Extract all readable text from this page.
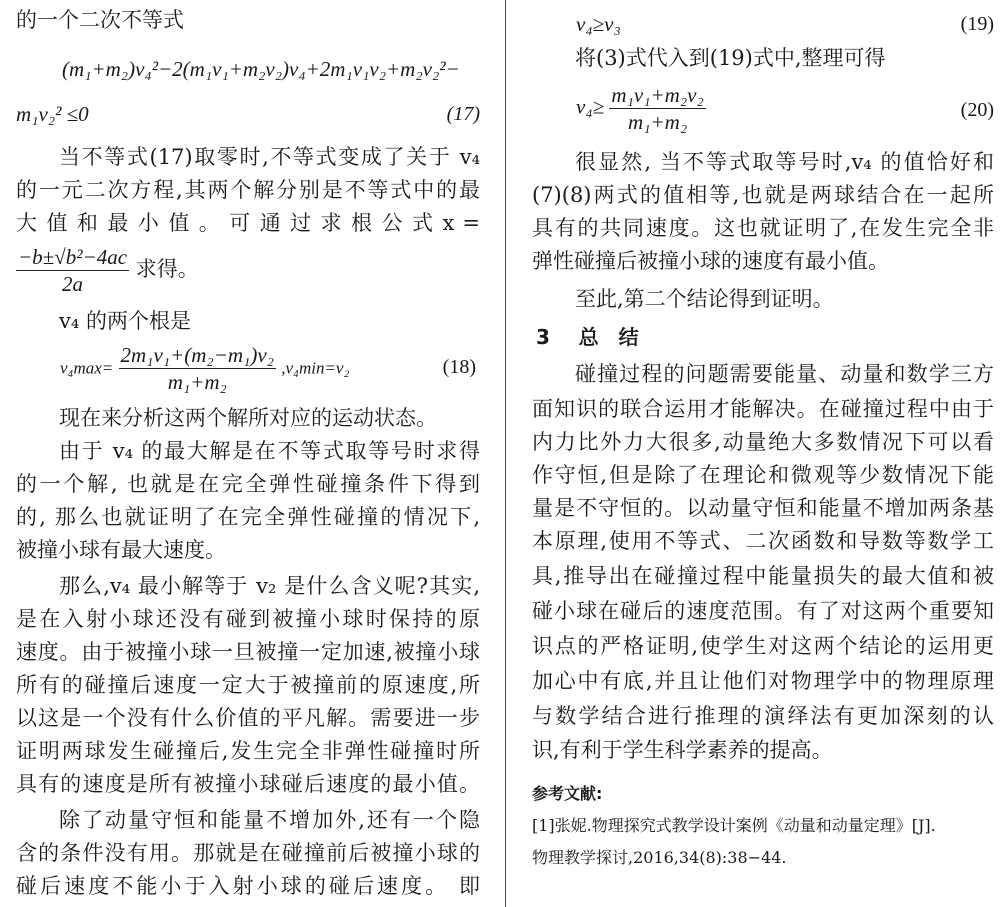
的一个二次不等式
(m₁+m₂)v₄²−2(m₁v₁+m₂v₂)v₄+2m₁v₁v₂+m₂v₂²−
m₁v₂² ≤0	(17)
当不等式(17)取零时,不等式变成了关于 v₄
的一元二次方程,其两个解分别是不等式中的最
大 值 和 最 小 值 。 可 通 过 求 根 公 式 x =
$\frac{\text{−b±√b²−4ac}}{2a}$ 求得。
v₄ 的两个根是
$v_4\max= \frac{\text{2m₁v₁+(m₂−m₁)v₂}}{\text{m₁+m₂}} ,v_4\min=v_2$	(18)
现在来分析这两个解所对应的运动状态。
由于 v₄ 的最大解是在不等式取等号时求得
的一个解, 也就是在完全弹性碰撞条件下得到
的, 那么也就证明了在完全弹性碰撞的情况下,
被撞小球有最大速度。
那么,v₄ 最小解等于 v₂ 是什么含义呢?其实,
是在入射小球还没有碰到被撞小球时保持的原
速度。由于被撞小球一旦被撞一定加速,被撞小球
所有的碰撞后速度一定大于被撞前的原速度,所
以这是一个没有什么价值的平凡解。需要进一步
证明两球发生碰撞后,发生完全非弹性碰撞时所
具有的速度是所有被撞小球碰后速度的最小值。
除了动量守恒和能量不增加外,还有一个隐
含的条件没有用。那就是在碰撞前后被撞小球的
碰后速度不能小于入射小球的碰后速度。 即
v₄≥v₃	(19)
将(3)式代入到(19)式中,整理可得
$v_4\ge \frac{\text{m₁v₁+m₂v₂}}{\text{m₁+m₂}}$	(20)
很显然, 当不等式取等号时,v₄ 的值恰好和
(7)(8)两式的值相等,也就是两球结合在一起所
具有的共同速度。这也就证明了,在发生完全非
弹性碰撞后被撞小球的速度有最小值。
至此,第二个结论得到证明。
3 总　结
碰撞过程的问题需要能量、动量和数学三方
面知识的联合运用才能解决。在碰撞过程中由于
内力比外力大很多,动量绝大多数情况下可以看
作守恒,但是除了在理论和微观等少数情况下能
量是不守恒的。以动量守恒和能量不增加两条基
本原理,使用不等式、二次函数和导数等数学工
具,推导出在碰撞过程中能量损失的最大值和被
碰小球在碰后的速度范围。有了对这两个重要知
识点的严格证明,使学生对这两个结论的运用更
加心中有底,并且让他们对物理学中的物理原理
与数学结合进行推理的演绎法有更加深刻的认
识,有利于学生科学素养的提高。
参考文献:
[1]张妮.物理探究式教学设计案例《动量和动量定理》[J].
物理教学探讨,2016,34(8):38−44.
